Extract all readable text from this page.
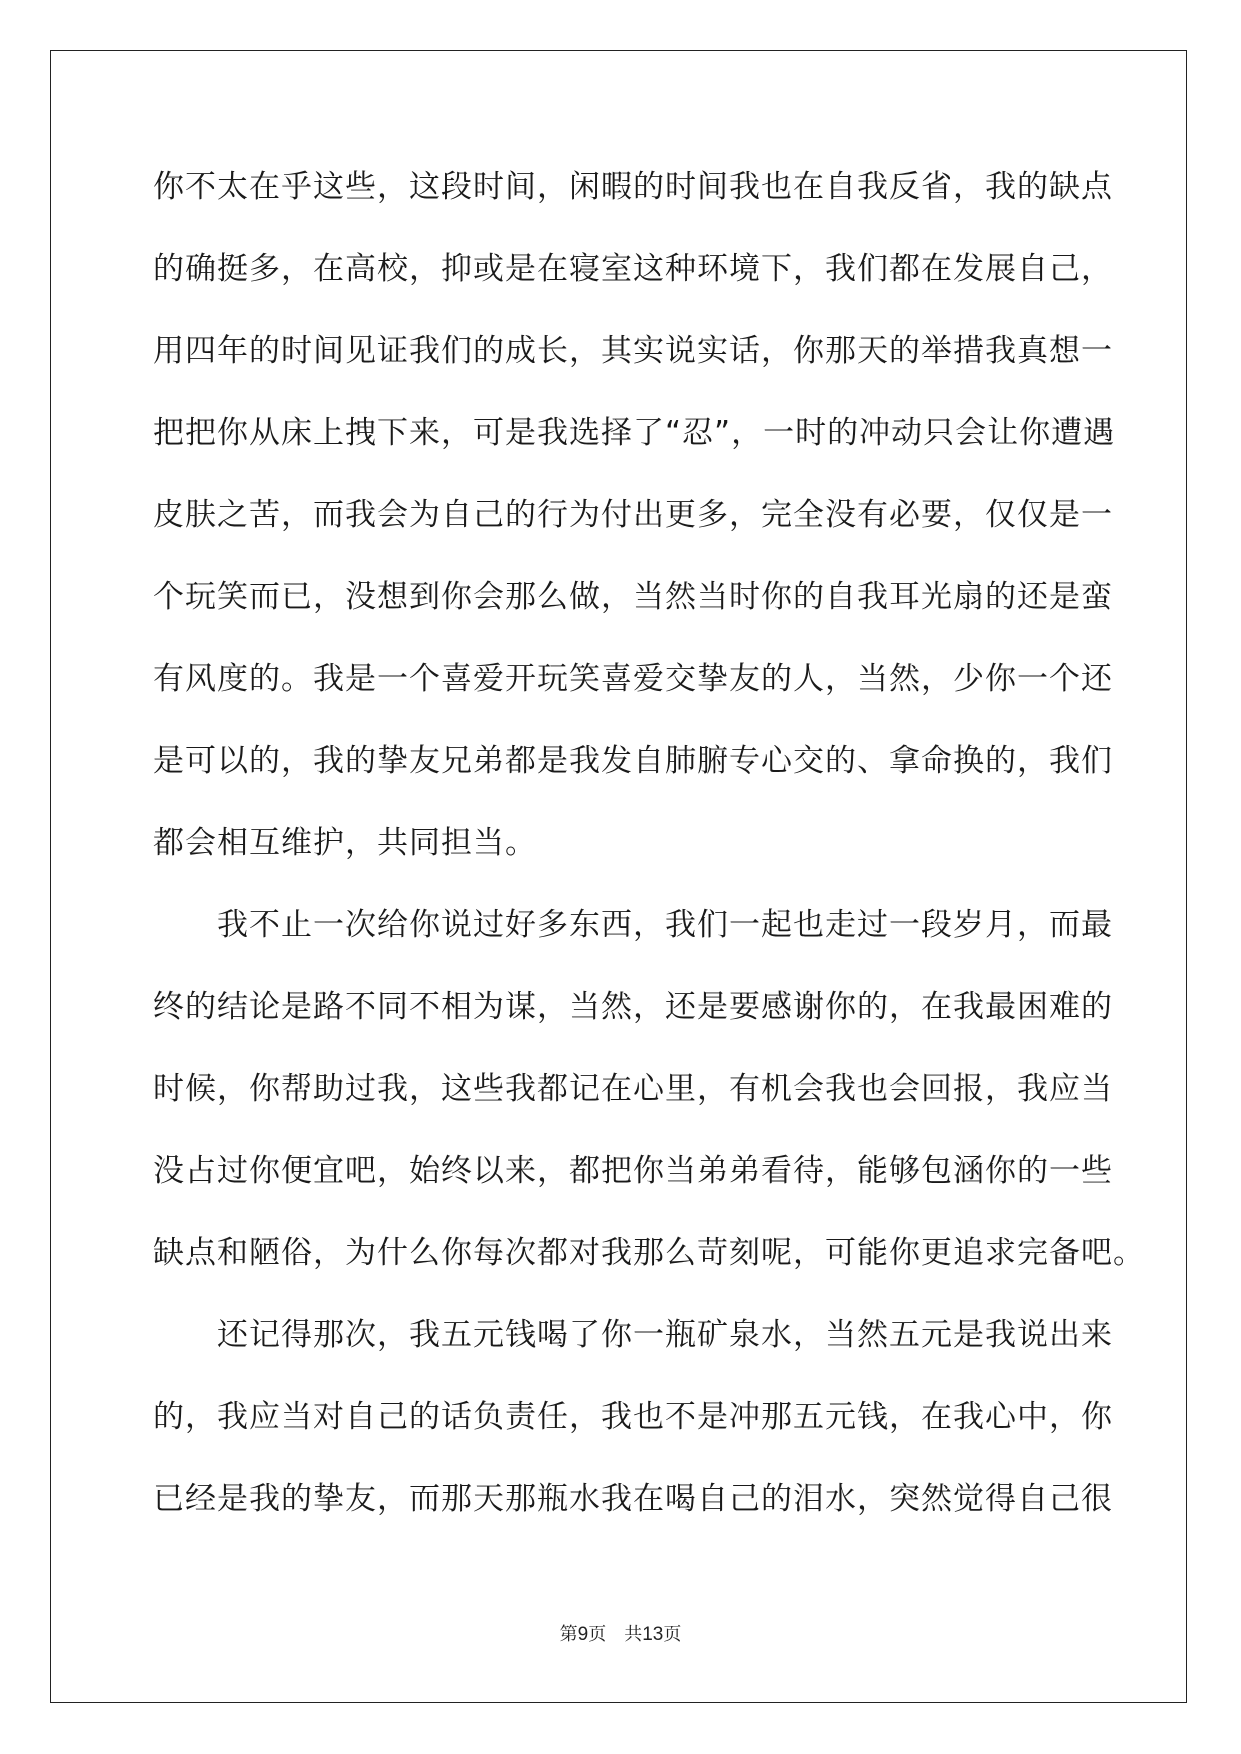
你不太在乎这些，这段时间，闲暇的时间我也在自我反省，我的缺点
的确挺多，在高校，抑或是在寝室这种环境下，我们都在发展自己，
用四年的时间见证我们的成长，其实说实话，你那天的举措我真想一
把把你从床上拽下来，可是我选择了“忍”，一时的冲动只会让你遭遇
皮肤之苦，而我会为自己的行为付出更多，完全没有必要，仅仅是一
个玩笑而已，没想到你会那么做，当然当时你的自我耳光扇的还是蛮
有风度的。我是一个喜爱开玩笑喜爱交挚友的人，当然，少你一个还
是可以的，我的挚友兄弟都是我发自肺腑专心交的、拿命换的，我们
都会相互维护，共同担当。
　　我不止一次给你说过好多东西，我们一起也走过一段岁月，而最
终的结论是路不同不相为谋，当然，还是要感谢你的，在我最困难的
时候，你帮助过我，这些我都记在心里，有机会我也会回报，我应当
没占过你便宜吧，始终以来，都把你当弟弟看待，能够包涵你的一些
缺点和陋俗，为什么你每次都对我那么苛刻呢，可能你更追求完备吧。
　　还记得那次，我五元钱喝了你一瓶矿泉水，当然五元是我说出来
的，我应当对自己的话负责任，我也不是冲那五元钱，在我心中，你
已经是我的挚友，而那天那瓶水我在喝自己的泪水，突然觉得自己很
第9页 共13页
